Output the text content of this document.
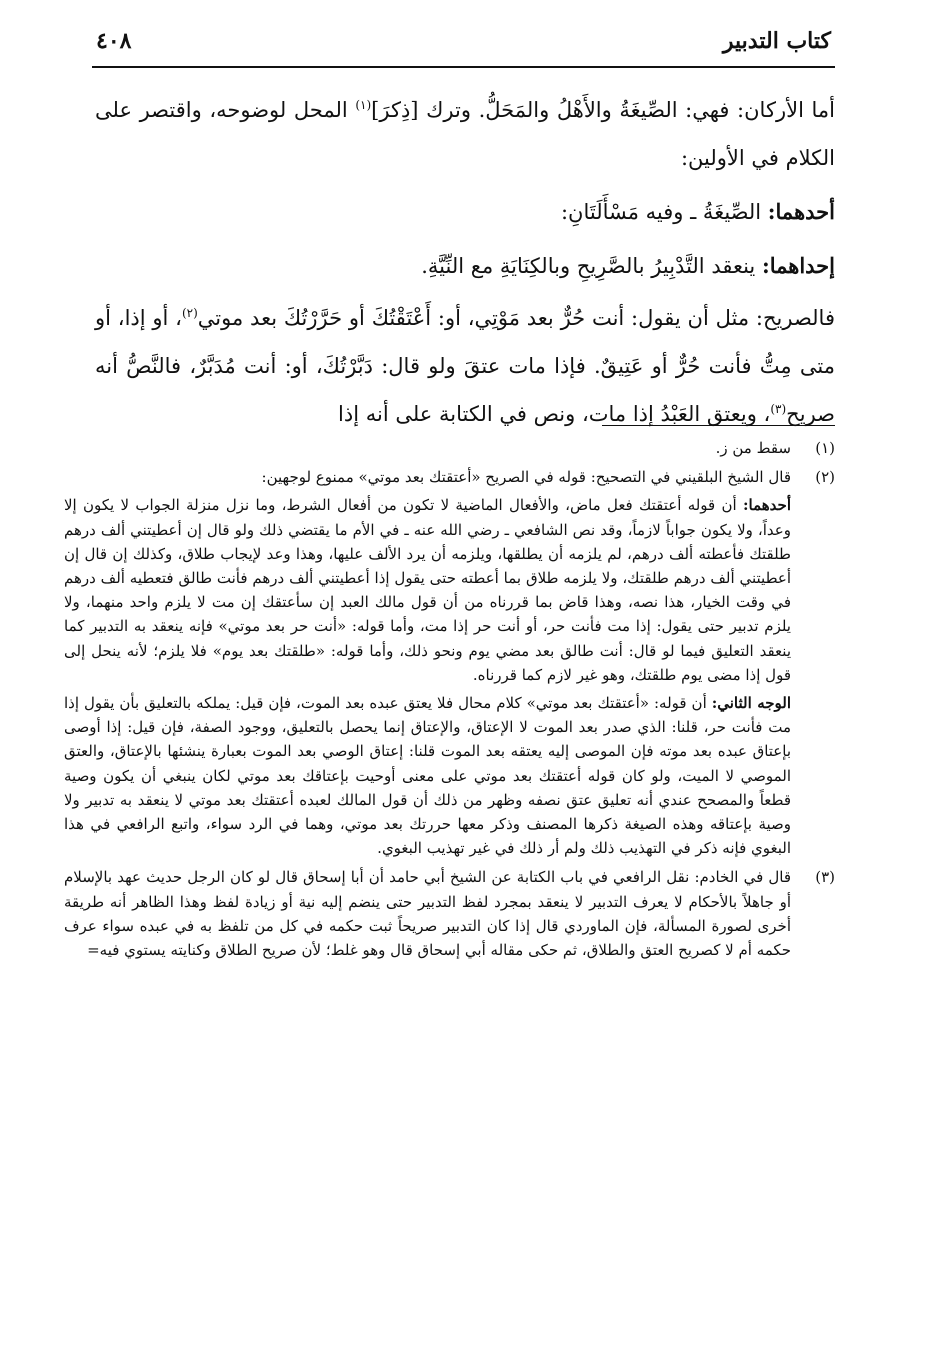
كتاب التدبير
٤٠٨

أما الأركان: فهي: الصِّيغَةُ والأَهْلُ والمَحَلُّ. وترك [ذِكرَ]$^{(١)}$ المحل لوضوحه، واقتصر على الكلام في الأولين:

أحدهما: الصِّيغَةُ ـ وفيه مَسْأَلَتَانِ:

إحداهما: ينعقد التَّدْبِيرُ بالصَّرِيحِ وبالكِنَايَةِ مع النِّيَّةِ.

فالصريح: مثل أن يقول: أنت حُرٌّ بعد مَوْتِي، أو: أَعْتَقْتُكَ أو حَرَّرْتُكَ بعد موتي$^{(٢)}$، أو إذا، أو متى مِتُّ فأنت حُرٌّ أو عَتِيقٌ. فإذا مات عتقَ ولو قال: دَبَّرْتُكَ، أو: أنت مُدَبَّرٌ، فالنَّصُّ أنه صريح$^{(٣)}$، ويعتق العَبْدُ إذا مات، ونص في الكتابة على أنه إذا

(١)

سقط من ز.

(٢)

قال الشيخ البلقيني في التصحيح: قوله في الصريح «أعتقتك بعد موتي» ممنوع لوجهين:

أحدهما: أن قوله أعتقتك فعل ماض، والأفعال الماضية لا تكون من أفعال الشرط، وما نزل منزلة الجواب لا يكون إلا وعداً، ولا يكون جواباً لازماً، وقد نص الشافعي ـ رضي الله عنه ـ في الأم ما يقتضي ذلك ولو قال إن أعطيتني ألف درهم طلقتك فأعطته ألف درهم، لم يلزمه أن يطلقها، ويلزمه أن يرد الألف عليها، وهذا وعد لإيجاب طلاق، وكذلك إن قال إن أعطيتني ألف درهم طلقتك، ولا يلزمه طلاق بما أعطته حتى يقول إذا أعطيتني ألف درهم فأنت طالق فتعطيه ألف درهم في وقت الخيار، هذا نصه، وهذا قاض بما قررناه من أن قول مالك العبد إن سأعتقك إن مت لا يلزم واحد منهما، ولا يلزم تدبير حتى يقول: إذا مت فأنت حر، أو أنت حر إذا مت، وأما قوله: «أنت حر بعد موتي» فإنه ينعقد به التدبير كما ينعقد التعليق فيما لو قال: أنت طالق بعد مضي يوم ونحو ذلك، وأما قوله: «طلقتك بعد يوم» فلا يلزم؛ لأنه ينحل إلى قول إذا مضى يوم طلقتك، وهو غير لازم كما قررناه.

الوجه الثاني: أن قوله: «أعتقتك بعد موتي» كلام محال فلا يعتق عبده بعد الموت، فإن قيل: يملكه بالتعليق بأن يقول إذا مت فأنت حر، قلنا: الذي صدر بعد الموت لا الإعتاق، والإعتاق إنما يحصل بالتعليق، ووجود الصفة، فإن قيل: إذا أوصى بإعتاق عبده بعد موته فإن الموصى إليه يعتقه بعد الموت قلنا: إعتاق الوصي بعد الموت بعبارة ينشئها بالإعتاق، والعتق الموصي لا الميت، ولو كان قوله أعتقتك بعد موتي على معنى أوحيت بإعتاقك بعد موتي لكان ينبغي أن يكون وصية قطعاً والمصحح عندي أنه تعليق عتق نصفه وظهر من ذلك أن قول المالك لعبده أعتقتك بعد موتي لا ينعقد به تدبير ولا وصية بإعتاقه وهذه الصيغة ذكرها المصنف وذكر معها حررتك بعد موتي، وهما في الرد سواء، واتبع الرافعي في هذا البغوي فإنه ذكر في التهذيب ذلك ولم أر ذلك في غير تهذيب البغوي.

(٣)

قال في الخادم: نقل الرافعي في باب الكتابة عن الشيخ أبي حامد أن أبا إسحاق قال لو كان الرجل حديث عهد بالإسلام أو جاهلاً بالأحكام لا يعرف التدبير لا ينعقد بمجرد لفظ التدبير حتى ينضم إليه نية أو زيادة لفظ وهذا الظاهر أنه طريقة أخرى لصورة المسألة، فإن الماوردي قال إذا كان التدبير صريحاً ثبت حكمه في كل من تلفظ به في عبده سواء عرف حكمه أم لا كصريح العتق والطلاق، ثم حكى مقاله أبي إسحاق قال وهو غلط؛ لأن صريح الطلاق وكنايته يستوي فيه=
